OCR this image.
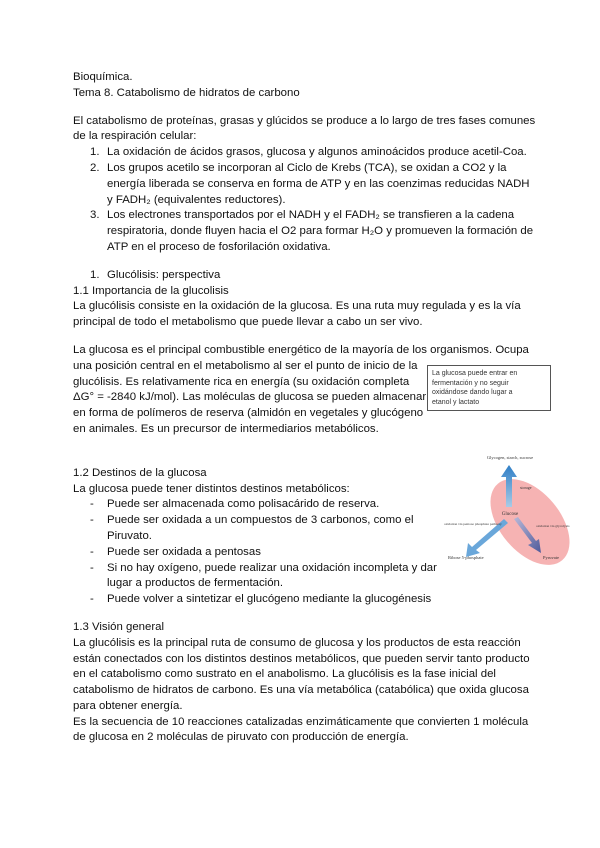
Bioquímica.
Tema 8. Catabolismo de hidratos de carbono
El catabolismo de proteínas, grasas y glúcidos se produce a lo largo de tres fases comunes
de la respiración celular:
1. La oxidación de ácidos grasos, glucosa y algunos aminoácidos produce acetil-Coa.
2. Los grupos acetilo se incorporan al Ciclo de Krebs (TCA), se oxidan a CO2 y la
energía liberada se conserva en forma de ATP y en las coenzimas reducidas NADH
y FADH₂ (equivalentes reductores).
3. Los electrones transportados por el NADH y el FADH₂ se transfieren a la cadena
respiratoria, donde fluyen hacia el O2 para formar H₂O y promueven la formación de
ATP en el proceso de fosforilación oxidativa.
1. Glucólisis: perspectiva
1.1 Importancia de la glucolisis
La glucólisis consiste en la oxidación de la glucosa. Es una ruta muy regulada y es la vía
principal de todo el metabolismo que puede llevar a cabo un ser vivo.
La glucosa es el principal combustible energético de la mayoría de los organismos. Ocupa
una posición central en el metabolismo al ser el punto de inicio de la
glucólisis. Es relativamente rica en energía (su oxidación completa
ΔG° = -2840 kJ/mol). Las moléculas de glucosa se pueden almacenar
en forma de polímeros de reserva (almidón en vegetales y glucógeno
en animales. Es un precursor de intermediarios metabólicos.
1.2 Destinos de la glucosa
La glucosa puede tener distintos destinos metabólicos:
- Puede ser almacenada como polisacárido de reserva.
- Puede ser oxidada a un compuestos de 3 carbonos, como el
Piruvato.
- Puede ser oxidada a pentosas
- Si no hay oxígeno, puede realizar una oxidación incompleta y dar
lugar a productos de fermentación.
- Puede volver a sintetizar el glucógeno mediante la glucogénesis
1.3 Visión general
La glucólisis es la principal ruta de consumo de glucosa y los productos de esta reacción
están conectados con los distintos destinos metabólicos, que pueden servir tanto producto
en el catabolismo como sustrato en el anabolismo. La glucólisis es la fase inicial del
catabolismo de hidratos de carbono. Es una vía metabólica (catabólica) que oxida glucosa
para obtener energía.
Es la secuencia de 10 reacciones catalizadas enzimáticamente que convierten 1 molécula
de glucosa en 2 moléculas de piruvato con producción de energía.
La glucosa puede entrar en
fermentación y no seguir
oxidándose dando lugar a
etanol y lactato
Glycogen, starch, sucrose
storage
Glucose
oxidation via pentose phosphate pathway
Ribose 5-phosphate
oxidation via glycolysis
Pyruvate
